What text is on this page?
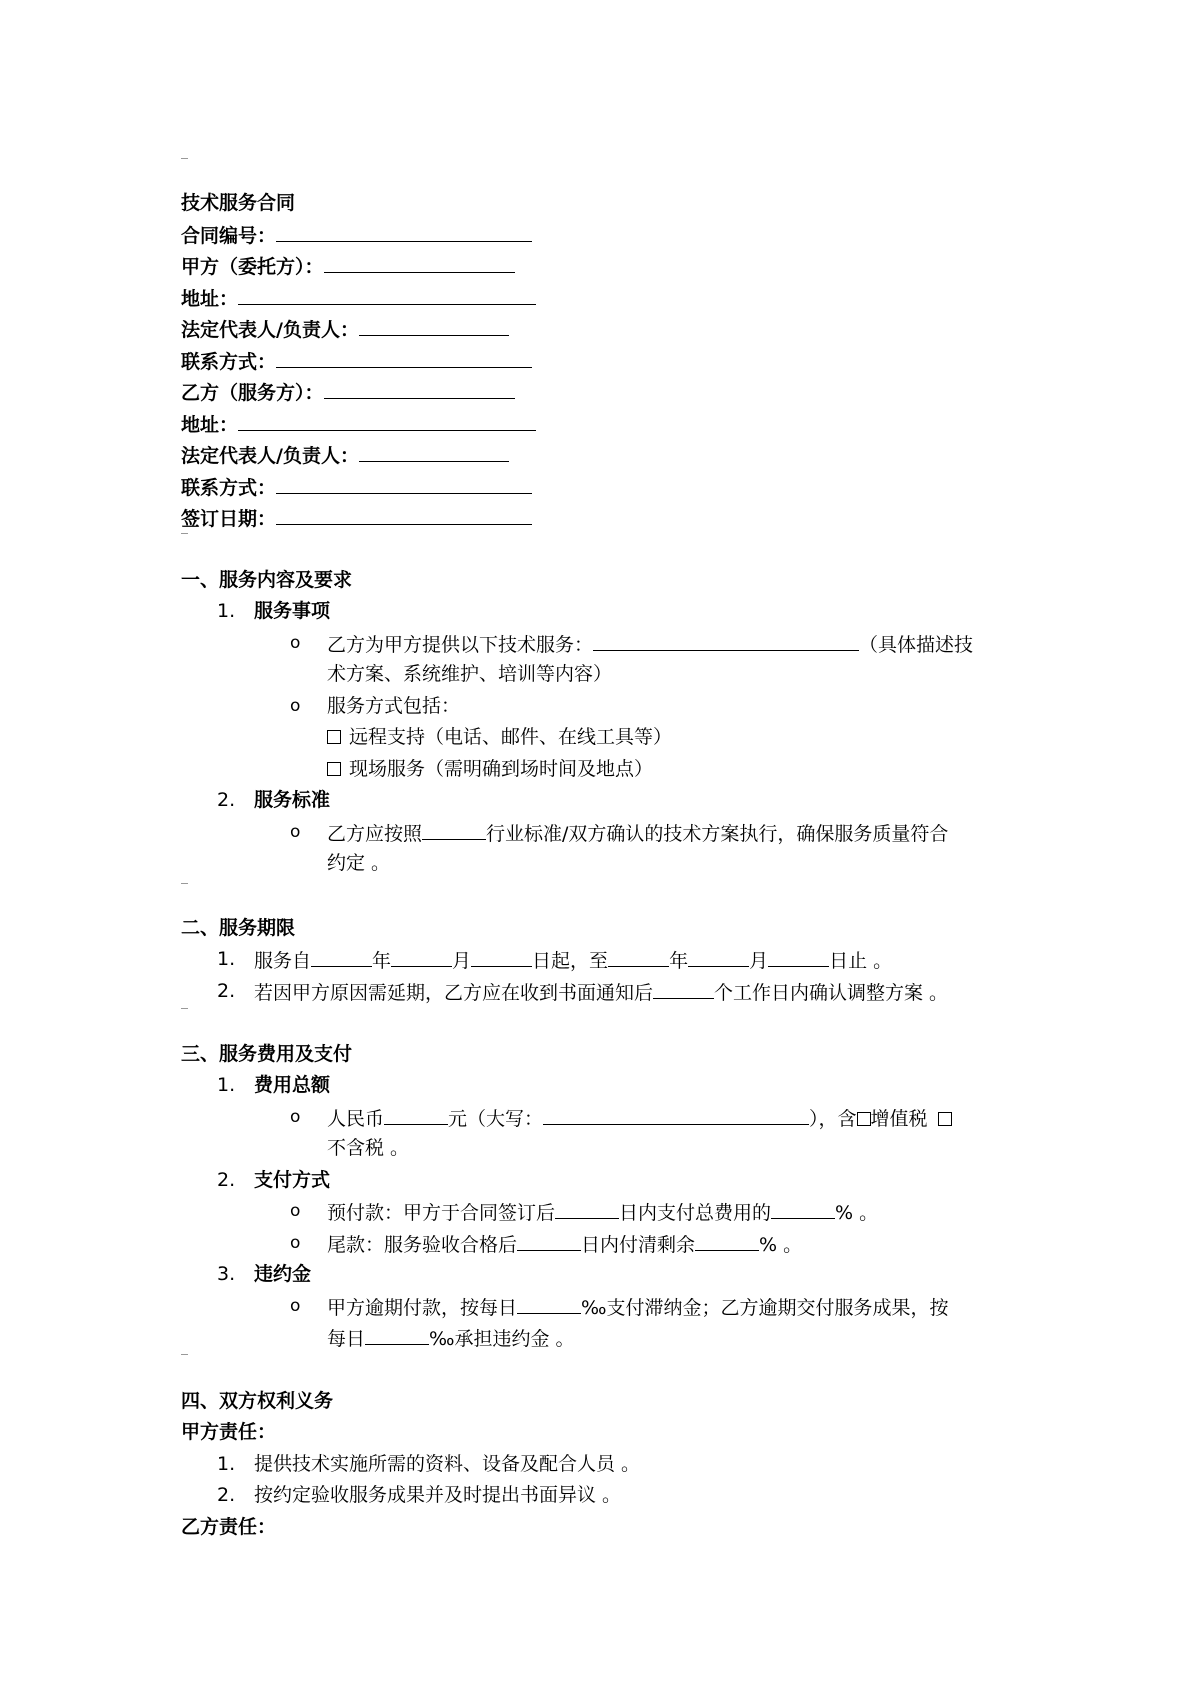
技术服务合同
合同编号：
甲方（委托方）：
地址：
法定代表人/负责人：
联系方式：
乙方（服务方）：
地址：
法定代表人/负责人：
联系方式：
签订日期：
一、服务内容及要求
1. 服务事项
o 乙方为甲方提供以下技术服务：	（具体描述技
术方案、系统维护、培训等内容）
o 服务方式包括：
远程支持（电话、邮件、在线工具等）
现场服务（需明确到场时间及地点）
2. 服务标准
o 乙方应按照	行业标准/双方确认的技术方案执行，确保服务质量符合
约定 。
二、服务期限
1. 服务自	年	月	日起，至	年	月	日止 。
2. 若因甲方原因需延期，乙方应在收到书面通知后	个工作日内确认调整方案 。
三、服务费用及支付
1. 费用总额
o 人民币	元（大写：	），含 增值税
不含税 。
2. 支付方式
o 预付款：甲方于合同签订后	日内支付总费用的	% 。
o 尾款：服务验收合格后	日内付清剩余	% 。
3. 违约金
o 甲方逾期付款，按每日	‰支付滞纳金；乙方逾期交付服务成果，按
每日	‰承担违约金 。
四、双方权利义务
甲方责任：
1. 提供技术实施所需的资料、设备及配合人员 。
2. 按约定验收服务成果并及时提出书面异议 。
乙方责任：
